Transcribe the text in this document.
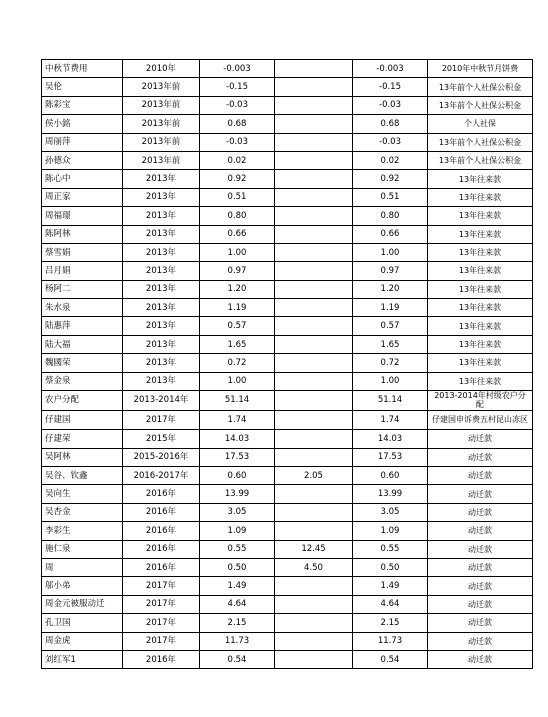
中秋节费用	2010年	-0.003		-0.003	2010年中秋节月饼费
吴伦	2013年前	-0.15		-0.15	13年前个人社保公积金
陈彩宝	2013年前	-0.03		-0.03	13年前个人社保公积金
侯小銘	2013年前	0.68		0.68	个人社保
周丽萍	2013年前	-0.03		-0.03	13年前个人社保公积金
孙德众	2013年前	0.02		0.02	13年前个人社保公积金
陈心中	2013年	0.92		0.92	13年往来款
周正家	2013年	0.51		0.51	13年往来款
周福璟	2013年	0.80		0.80	13年往来款
陈阿林	2013年	0.66		0.66	13年往来款
蔡雪娟	2013年	1.00		1.00	13年往来款
吕月娟	2013年	0.97		0.97	13年往来款
杨阿二	2013年	1.20		1.20	13年往来款
朱水泉	2013年	1.19		1.19	13年往来款
陆惠萍	2013年	0.57		0.57	13年往来款
陆大福	2013年	1.65		1.65	13年往来款
魏國荣	2013年	0.72		0.72	13年往来款
蔡金泉	2013年	1.00		1.00	13年往来款
农户分配	2013-2014年	51.14		51.14	2013-2014年村级农户分配
仔建国	2017年	1.74		1.74	仔建国申诉费五村昆山冻区
仔建荣	2015年	14.03		14.03	动迁款
吴阿林	2015-2016年	17.53		17.53	动迁款
吴谷、钦鑫	2016-2017年	0.60	2.05	0.60	动迁款
吴向生	2016年	13.99		13.99	动迁款
吴杏金	2016年	3.05		3.05	动迁款
李彩生	2016年	1.09		1.09	动迁款
施仁泉	2016年	0.55	12.45	0.55	动迁款
周	2016年	0.50	4.50	0.50	动迁款
邬小弟	2017年	1.49		1.49	动迁款
周金元被服动迁	2017年	4.64		4.64	动迁款
孔卫国	2017年	2.15		2.15	动迁款
周金虎	2017年	11.73		11.73	动迁款
刘红军1	2016年	0.54		0.54	动迁款
